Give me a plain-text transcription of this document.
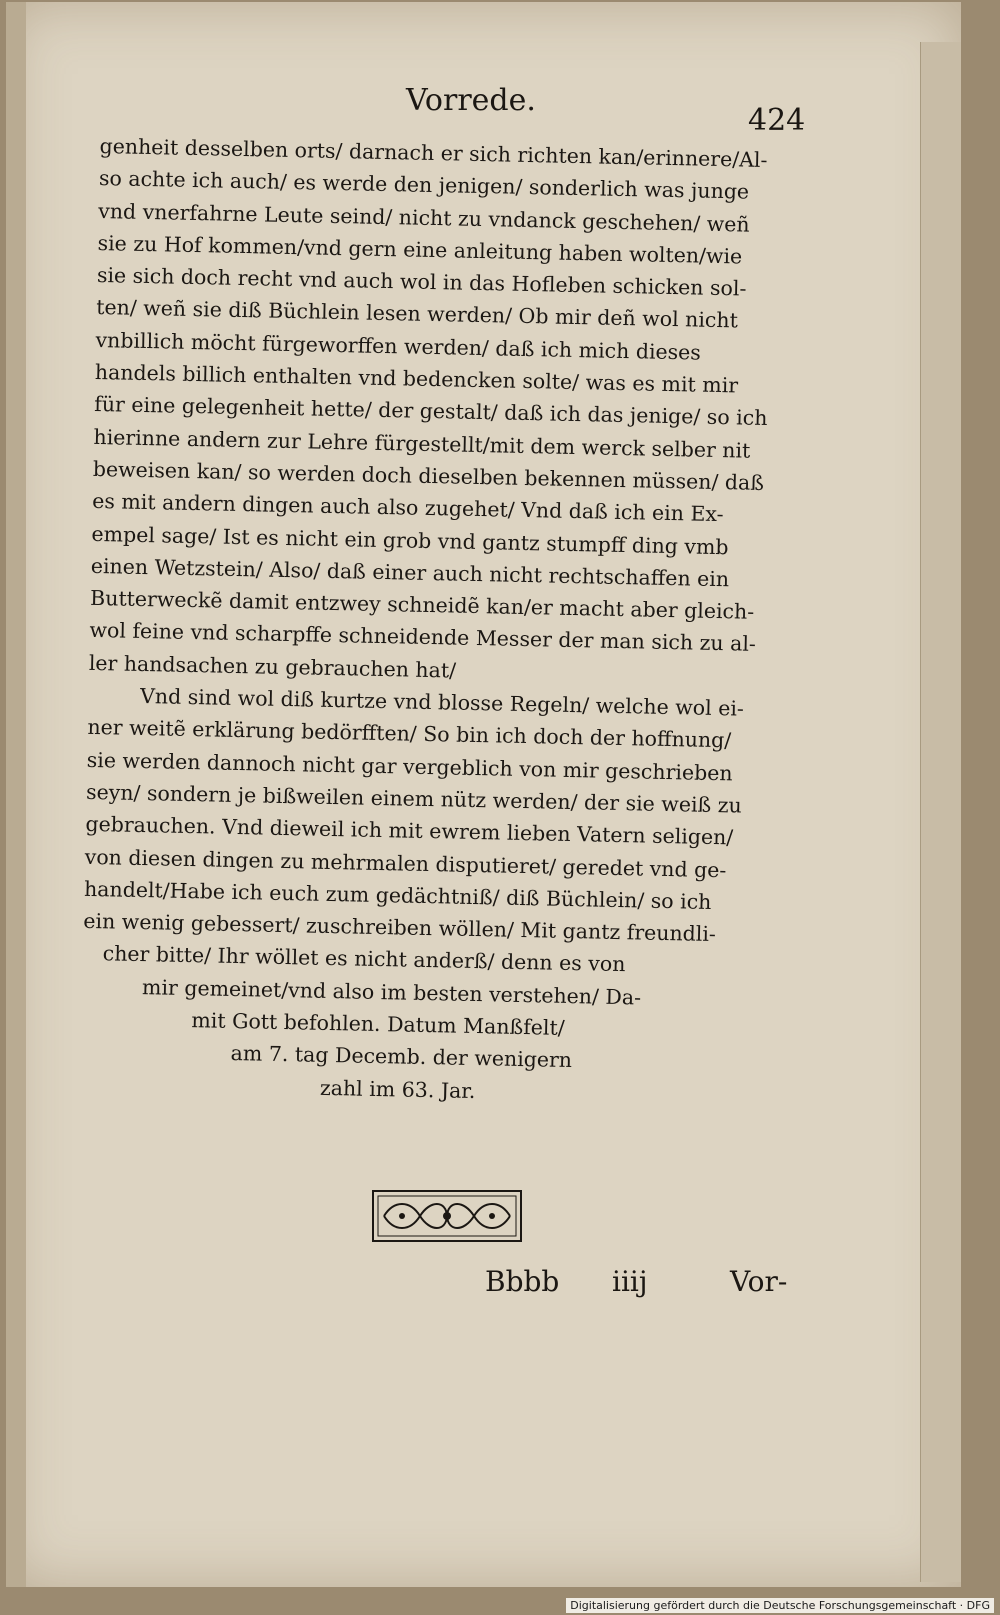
Vorrede.
424
genheit desselben orts/ darnach er sich richten kan/erinnere/Al-
so achte ich auch/ es werde den jenigen/ sonderlich was junge
vnd vnerfahrne Leute seind/ nicht zu vndanck geschehen/ weñ
sie zu Hof kommen/vnd gern eine anleitung haben wolten/wie
sie sich doch recht vnd auch wol in das Hofleben schicken sol-
ten/ weñ sie diß Büchlein lesen werden/ Ob mir deñ wol nicht
vnbillich möcht fürgeworffen werden/ daß ich mich dieses
handels billich enthalten vnd bedencken solte/ was es mit mir
für eine gelegenheit hette/ der gestalt/ daß ich das jenige/ so ich
hierinne andern zur Lehre fürgestellt/mit dem werck selber nit
beweisen kan/ so werden doch dieselben bekennen müssen/ daß
es mit andern dingen auch also zugehet/ Vnd daß ich ein Ex-
empel sage/ Ist es nicht ein grob vnd gantz stumpff ding vmb
einen Wetzstein/ Also/ daß einer auch nicht rechtschaffen ein
Butterweckẽ damit entzwey schneidẽ kan/er macht aber gleich-
wol feine vnd scharpffe schneidende Messer der man sich zu al-
ler handsachen zu gebrauchen hat/
Vnd sind wol diß kurtze vnd blosse Regeln/ welche wol ei-
ner weitẽ erklärung bedörfften/ So bin ich doch der hoffnung/
sie werden dannoch nicht gar vergeblich von mir geschrieben
seyn/ sondern je bißweilen einem nütz werden/ der sie weiß zu
gebrauchen. Vnd dieweil ich mit ewrem lieben Vatern seligen/
von diesen dingen zu mehrmalen disputieret/ geredet vnd ge-
handelt/Habe ich euch zum gedächtniß/ diß Büchlein/ so ich
ein wenig gebessert/ zuschreiben wöllen/ Mit gantz freundli-
cher bitte/ Ihr wöllet es nicht anderß/ denn es von
mir gemeinet/vnd also im besten verstehen/ Da-
mit Gott befohlen. Datum Manßfelt/
am 7. tag Decemb. der wenigern
zahl im 63. Jar.
Bbbb iiij	Vor-
Digitalisierung gefördert durch die Deutsche Forschungsgemeinschaft · DFG
